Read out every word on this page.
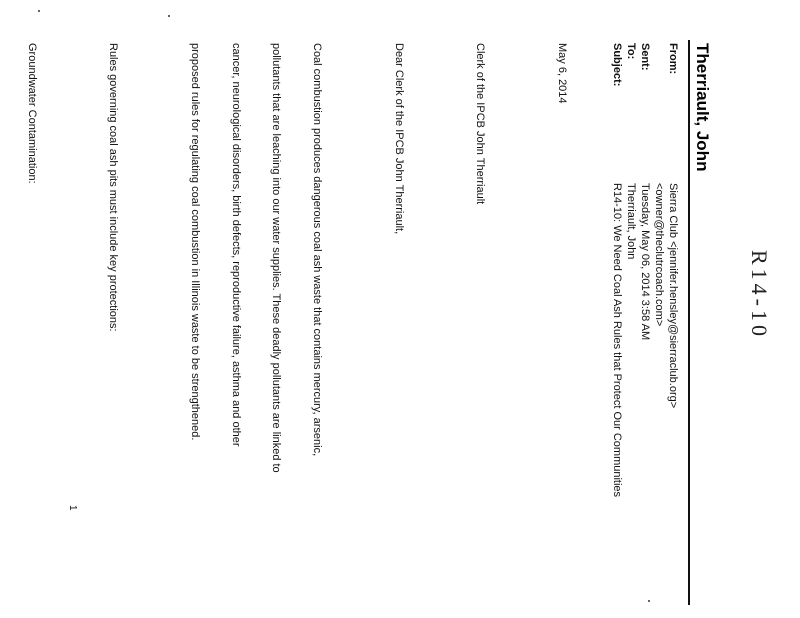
R14-10
Therriault, John
From:Sierra Club <jennifer.hensley@sierraclub.org>
<owner@theclutrcoach.com>
Sent:Tuesday, May 06, 2014 3:58 AM
To:Therriault, John
Subject:R14-10: We Need Coal Ash Rules that Protect Our Communities

May 6, 2014

Clerk of the IPCB John Therriault

Dear Clerk of the IPCB John Therriault,

Coal combustion produces dangerous coal ash waste that contains mercury, arsenic,

pollutants that are leaching into our water supplies. These deadly pollutants are linked to

cancer, neurological disorders, birth defects, reproductive failure, asthma and other

proposed rules for regulating coal combustion in Illinois waste to be strengthened.

Rules governing coal ash pits must include key protections:

Groundwater Contamination:

1
